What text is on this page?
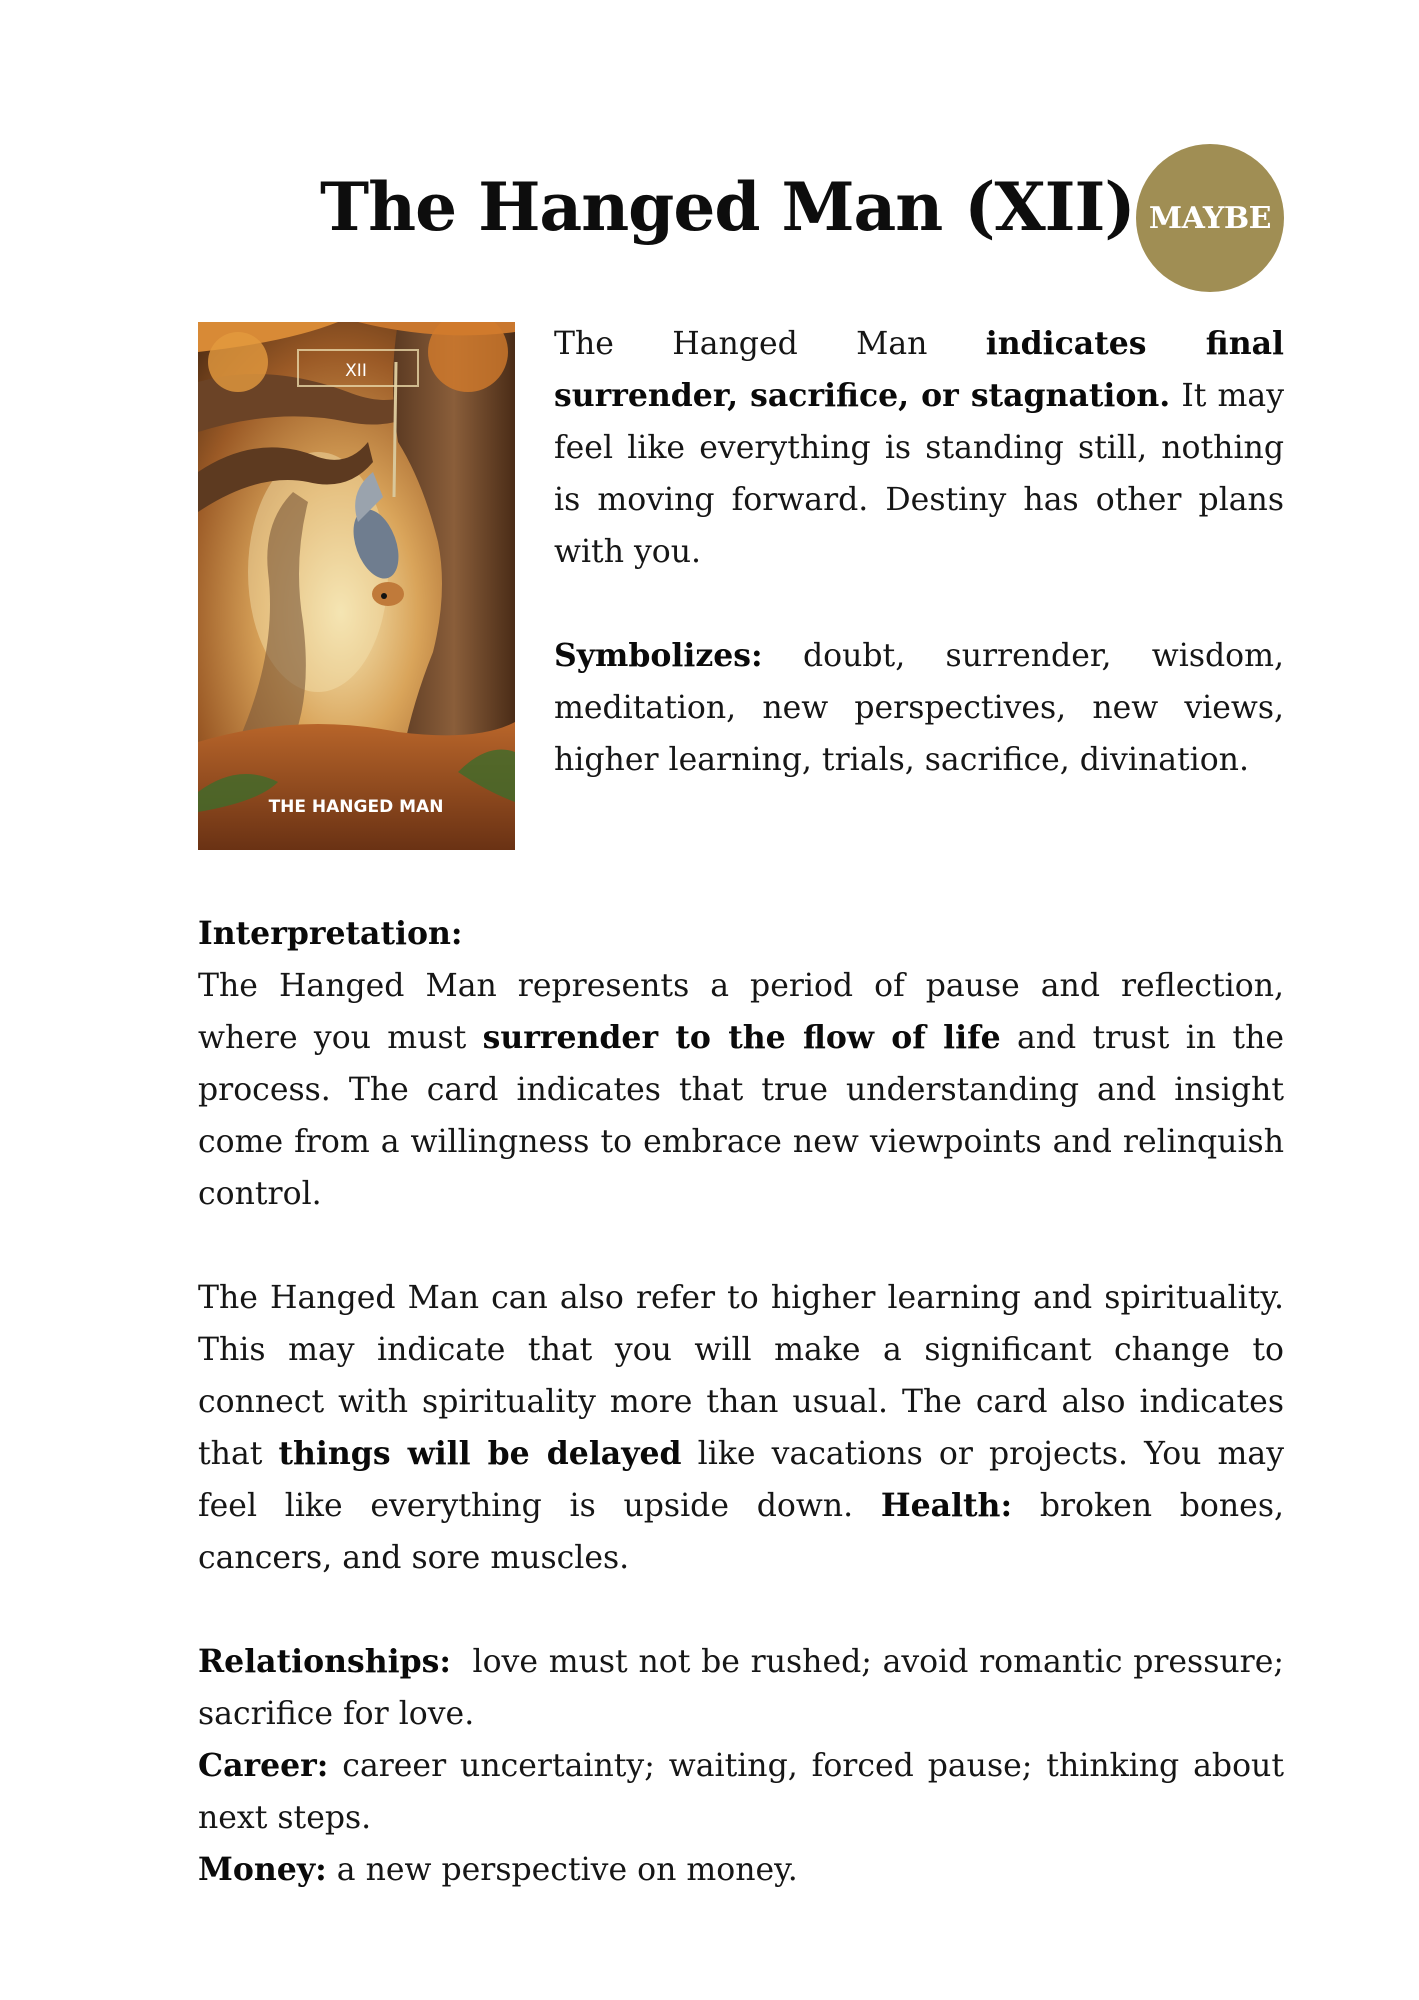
The Hanged Man (XII) MAYBE
XII
THE HANGED MAN

The Hanged Man indicates final surrender, sacrifice, or stagnation. It may feel like everything is standing still, nothing is moving forward. Destiny has other plans with you.

Symbolizes: doubt, surrender, wisdom, meditation, new perspectives, new views, higher learning, trials, sacrifice, divination.

Interpretation:

The Hanged Man represents a period of pause and reflection, where you must surrender to the flow of life and trust in the process. The card indicates that true understanding and insight come from a willingness to embrace new viewpoints and relinquish control.

The Hanged Man can also refer to higher learning and spirituality. This may indicate that you will make a significant change to connect with spirituality more than usual. The card also indicates that things will be delayed like vacations or projects. You may feel like everything is upside down. Health: broken bones, cancers, and sore muscles.

Relationships:  love must not be rushed; avoid romantic pressure; sacrifice for love.

Career: career uncertainty; waiting, forced pause; thinking about next steps.

Money: a new perspective on money.
